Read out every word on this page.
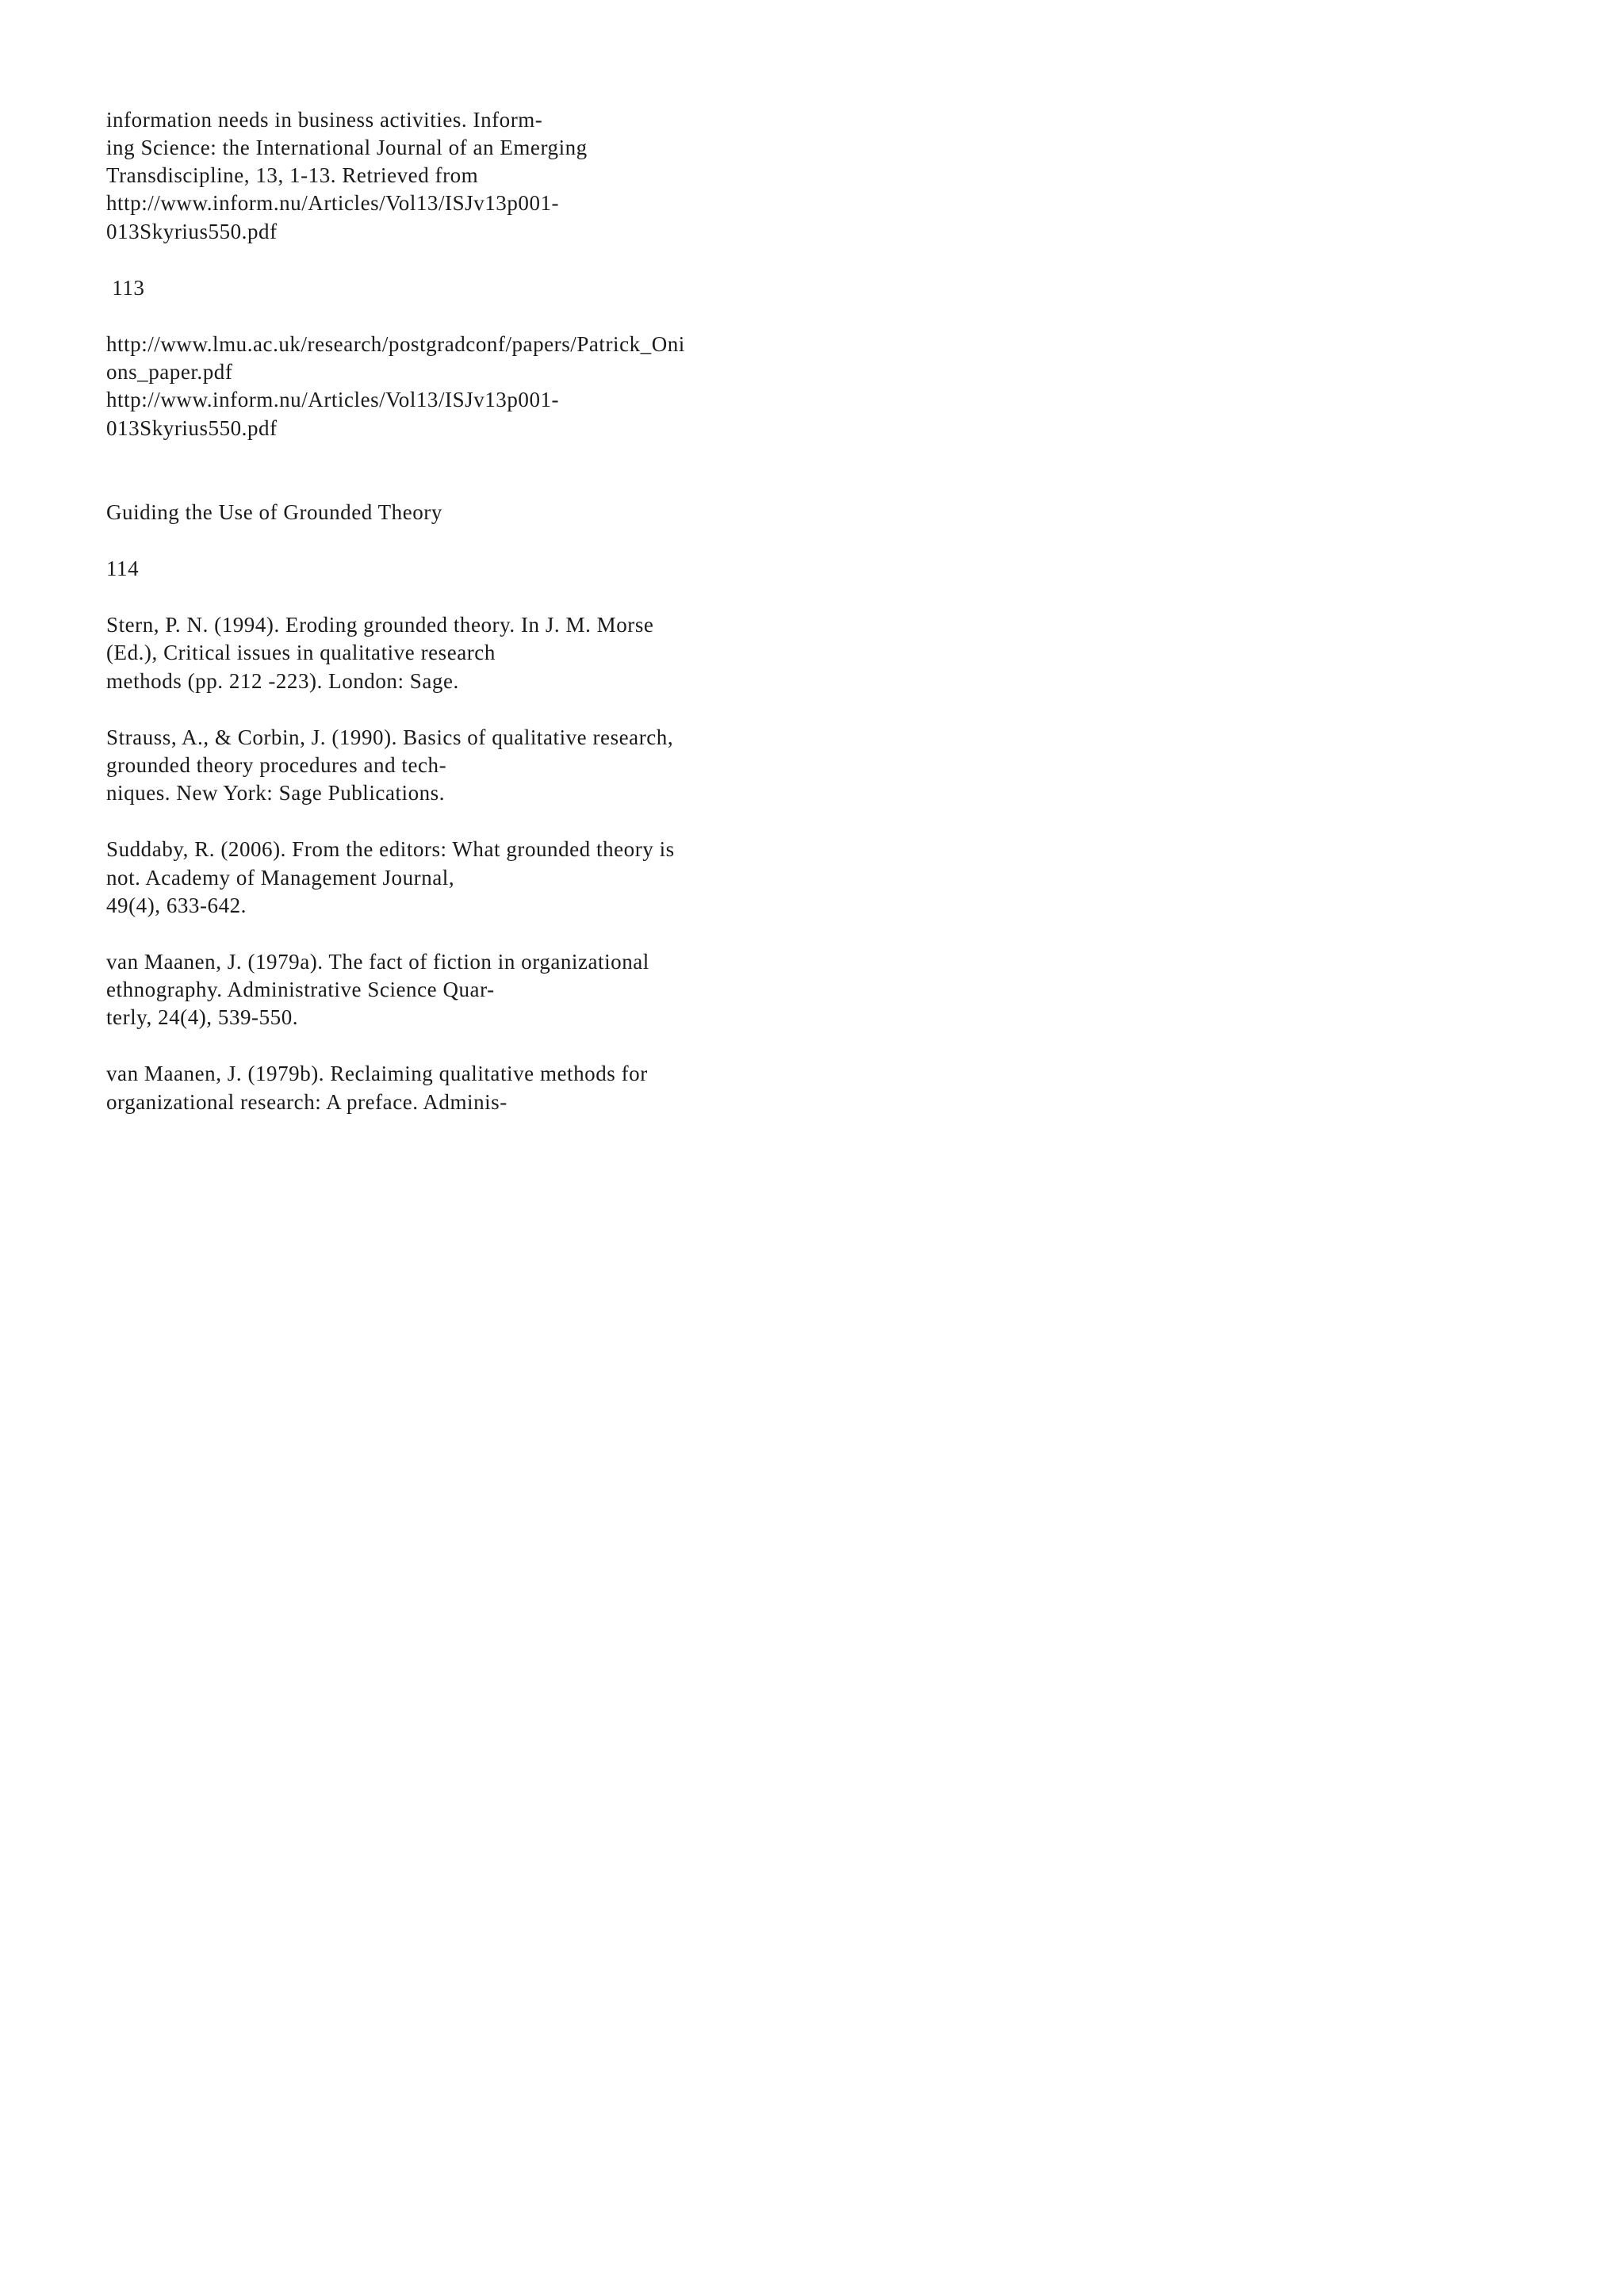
information needs in business activities. Inform-

ing Science: the International Journal of an Emerging

Transdiscipline, 13, 1-13. Retrieved from

http://www.inform.nu/Articles/Vol13/ISJv13p001-

013Skyrius550.pdf

113

http://www.lmu.ac.uk/research/postgradconf/papers/Patrick_Oni

ons_paper.pdf

http://www.inform.nu/Articles/Vol13/ISJv13p001-

013Skyrius550.pdf

Guiding the Use of Grounded Theory

114

Stern, P. N. (1994). Eroding grounded theory. In J. M. Morse

(Ed.), Critical issues in qualitative research

methods (pp. 212 -223). London: Sage.

Strauss, A., & Corbin, J. (1990). Basics of qualitative research,

grounded theory procedures and tech-

niques. New York: Sage Publications.

Suddaby, R. (2006). From the editors: What grounded theory is

not. Academy of Management Journal,

49(4), 633-642.

van Maanen, J. (1979a). The fact of fiction in organizational

ethnography. Administrative Science Quar-

terly, 24(4), 539-550.

van Maanen, J. (1979b). Reclaiming qualitative methods for

organizational research: A preface. Adminis-
